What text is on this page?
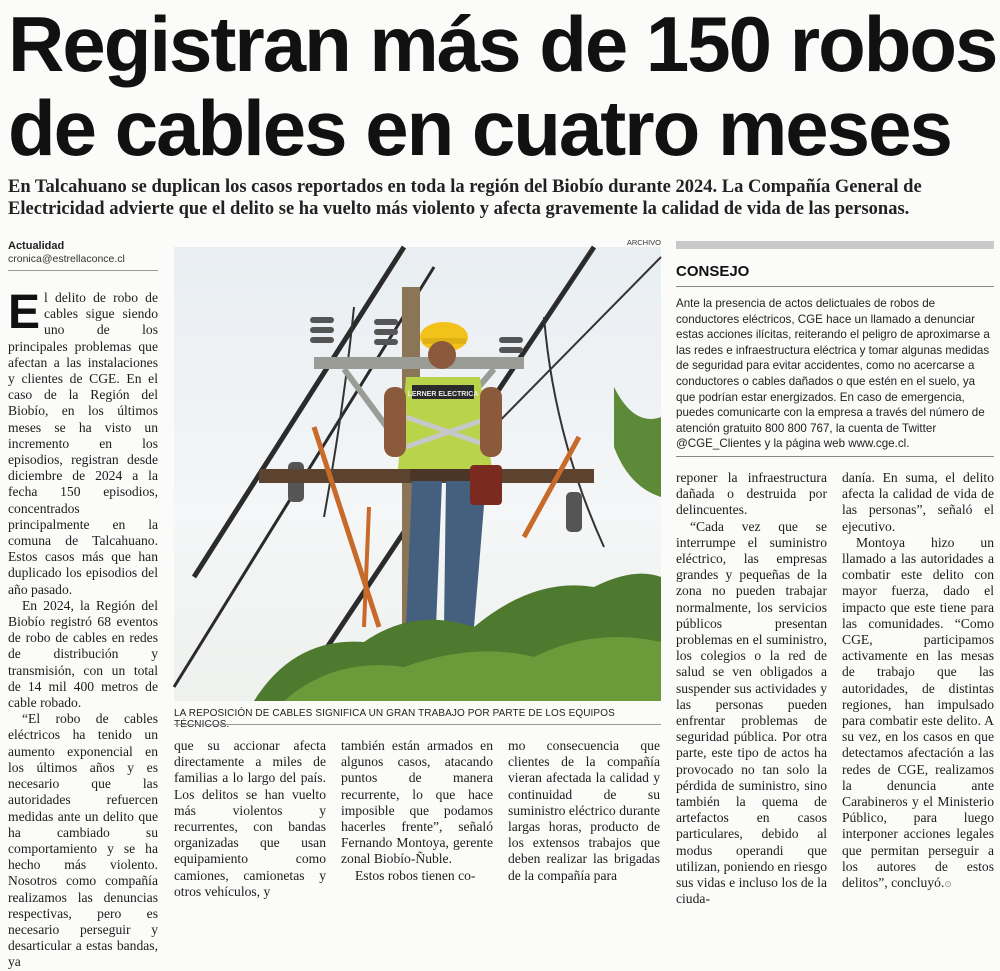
Registran más de 150 robos
de cables en cuatro meses
En Talcahuano se duplican los casos reportados en toda la región del Biobío durante 2024. La Compañía General de Electricidad advierte que el delito se ha vuelto más violento y afecta gravemente la calidad de vida de las personas.
Actualidad
cronica@estrellaconce.cl

El delito de robo de cables sigue siendo uno de los principales problemas que afectan a las instalaciones y clientes de CGE. En el caso de la Región del Biobío, en los últimos meses se ha visto un incremento en los episodios, registran desde diciembre de 2024 a la fecha 150 episodios, concentrados principalmente en la comuna de Talcahuano. Estos casos más que han duplicado los episodios del año pasado.

En 2024, la Región del Biobío registró 68 eventos de robo de cables en redes de distribución y transmisión, con un total de 14 mil 400 metros de cable robado.

“El robo de cables eléctricos ha tenido un aumento exponencial en los últimos años y es necesario que las autoridades refuercen medidas ante un delito que ha cambiado su comportamiento y se ha hecho más violento. Nosotros como compañía realizamos las denuncias respectivas, pero es necesario perseguir y desarticular a estas bandas, ya

ARCHIVO
LERNER ELECTRICA
LA REPOSICIÓN DE CABLES SIGNIFICA UN GRAN TRABAJO POR PARTE DE LOS EQUIPOS TÉCNICOS.
CONSEJO
Ante la presencia de actos delictuales de robos de conductores eléctricos, CGE hace un llamado a denunciar estas acciones ilícitas, reiterando el peligro de aproximarse a las redes e infraestructura eléctrica y tomar algunas medidas de seguridad para evitar accidentes, como no acercarse a conductores o cables dañados o que estén en el suelo, ya que podrían estar energizados. En caso de emergencia, puedes comunicarte con la empresa a través del número de atención gratuito 800 800 767, la cuenta de Twitter @CGE_Clientes y la página web www.cge.cl.

que su accionar afecta directamente a miles de familias a lo largo del país. Los delitos se han vuelto más violentos y recurrentes, con bandas organizadas que usan equipamiento como camiones, camionetas y otros vehículos, y

también están armados en algunos casos, atacando puntos de manera recurrente, lo que hace imposible que podamos hacerles frente”, señaló Fernando Montoya, gerente zonal Biobío-Ñuble.

Estos robos tienen co-

mo consecuencia que clientes de la compañía vieran afectada la calidad y continuidad de su suministro eléctrico durante largas horas, producto de los extensos trabajos que deben realizar las brigadas de la compañía para

reponer la infraestructura dañada o destruida por delincuentes.

“Cada vez que se interrumpe el suministro eléctrico, las empresas grandes y pequeñas de la zona no pueden trabajar normalmente, los servicios públicos presentan problemas en el suministro, los colegios o la red de salud se ven obligados a suspender sus actividades y las personas pueden enfrentar problemas de seguridad pública. Por otra parte, este tipo de actos ha provocado no tan solo la pérdida de suministro, sino también la quema de artefactos en casos particulares, debido al modus operandi que utilizan, poniendo en riesgo sus vidas e incluso los de la ciuda-

danía. En suma, el delito afecta la calidad de vida de las personas”, señaló el ejecutivo.

Montoya hizo un llamado a las autoridades a combatir este delito con mayor fuerza, dado el impacto que este tiene para las comunidades. “Como CGE, participamos activamente en las mesas de trabajo que las autoridades, de distintas regiones, han impulsado para combatir este delito. A su vez, en los casos en que detectamos afectación a las redes de CGE, realizamos la denuncia ante Carabineros y el Ministerio Público, para luego interponer acciones legales que permitan perseguir a los autores de estos delitos”, concluyó.⊙
